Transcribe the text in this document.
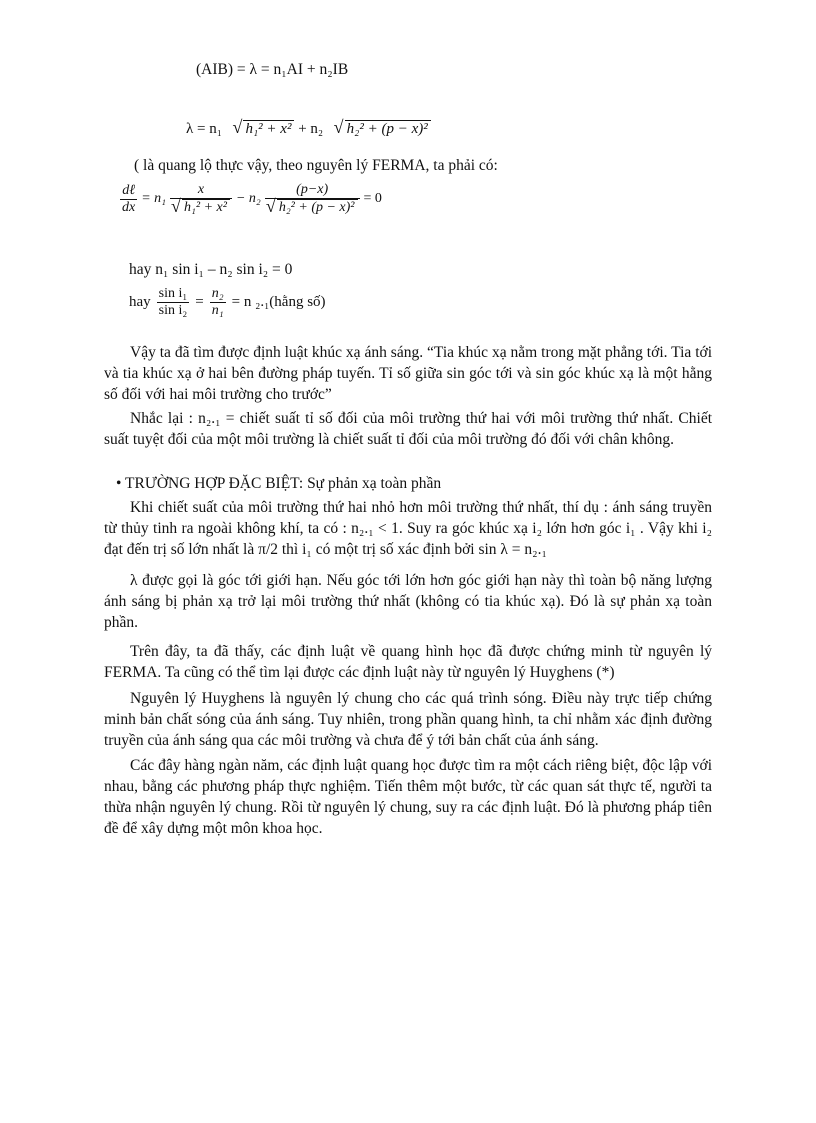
(AIB) = λ = n₁AI + n₂IB
λ = n₁ √ h₁² + x² + n₂ √ h₂² + (p − x)²
( là quang lộ thực vậy, theo nguyên lý FERMA, ta phải có:
$\frac{\text{dℓ}}{dx} = n_1$ x
√ h₁² + x² − n₂ (p−x)
√ h₂² + (p − x)² = 0
hay n₁ sin i₁ – n₂ sin i₂ = 0
hay $\frac{\text{sin i₁}}{\text{sin i₂}} = \frac{\text{n₂}}{\text{n₁}} = n$ ₂.₁(hằng số)
Vậy ta đã tìm được định luật khúc xạ ánh sáng. “Tia khúc xạ nằm trong mặt phẳng tới. Tia tới và tia khúc xạ ở hai bên đường pháp tuyến. Tỉ số giữa sin góc tới và sin góc khúc xạ là một hằng số đối với hai môi trường cho trước”
Nhắc lại : n₂.₁ = chiết suất tỉ số đối của môi trường thứ hai với môi trường thứ nhất. Chiết suất tuyệt đối của một môi trường là chiết suất tỉ đối của môi trường đó đối với chân không.
• TRƯỜNG HỢP ĐẶC BIỆT: Sự phản xạ toàn phần
Khi chiết suất của môi trường thứ hai nhỏ hơn môi trường thứ nhất, thí dụ : ánh sáng truyền từ thủy tinh ra ngoài không khí, ta có : n₂.₁ < 1. Suy ra góc khúc xạ i₂ lớn hơn góc i₁ . Vậy khi i₂ đạt đến trị số lớn nhất là π/2 thì i₁ có một trị số xác định bởi sin λ = n₂.₁
λ được gọi là góc tới giới hạn. Nếu góc tới lớn hơn góc giới hạn này thì toàn bộ năng lượng ánh sáng bị phản xạ trở lại môi trường thứ nhất (không có tia khúc xạ). Đó là sự phản xạ toàn phần.
Trên đây, ta đã thấy, các định luật về quang hình học đã được chứng minh từ nguyên lý FERMA. Ta cũng có thể tìm lại được các định luật này từ nguyên lý Huyghens (*)
Nguyên lý Huyghens là nguyên lý chung cho các quá trình sóng. Điều này trực tiếp chứng minh bản chất sóng của ánh sáng. Tuy nhiên, trong phần quang hình, ta chỉ nhằm xác định đường truyền của ánh sáng qua các môi trường và chưa để ý tới bản chất của ánh sáng.
Các đây hàng ngàn năm, các định luật quang học được tìm ra một cách riêng biệt, độc lập với nhau, bằng các phương pháp thực nghiệm. Tiến thêm một bước, từ các quan sát thực tế, người ta thừa nhận nguyên lý chung. Rồi từ nguyên lý chung, suy ra các định luật. Đó là phương pháp tiên đề để xây dựng một môn khoa học.
